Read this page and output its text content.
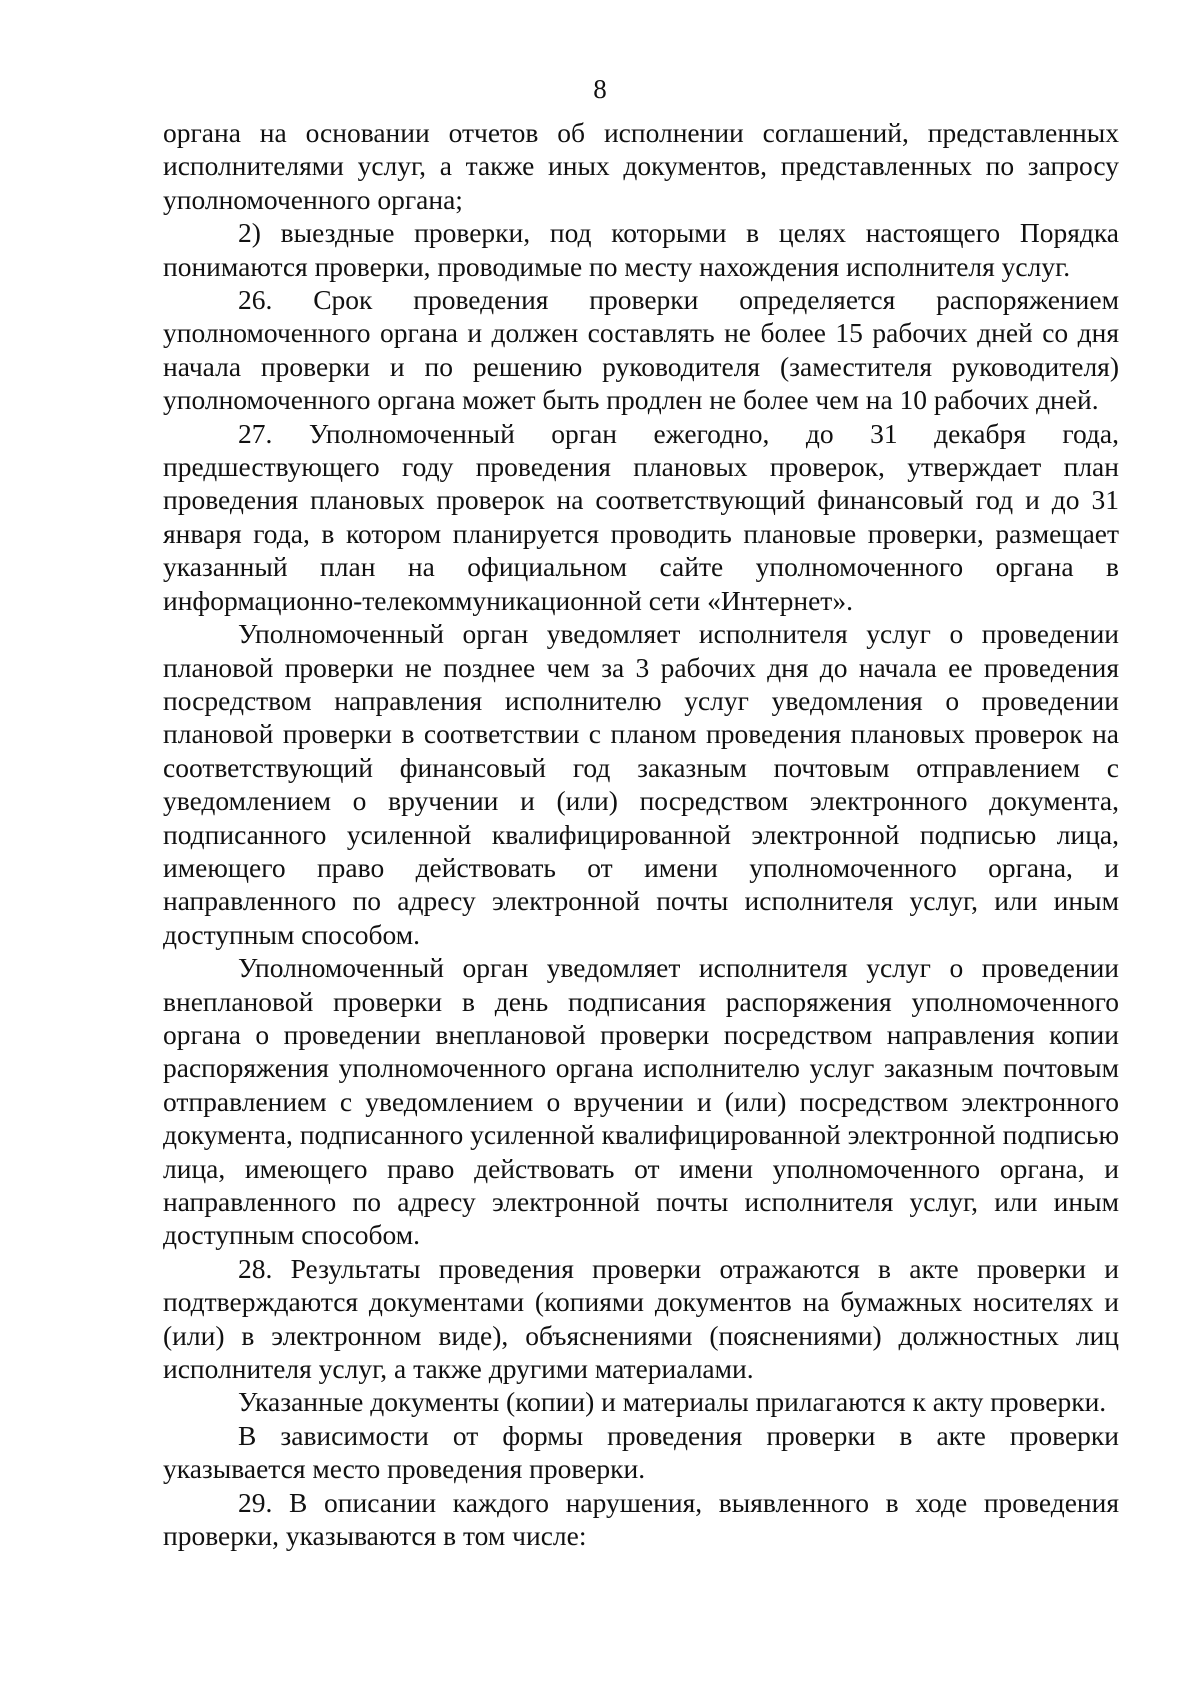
8

органа на основании отчетов об исполнении соглашений, представленных исполнителями услуг, а также иных документов, представленных по запросу уполномоченного органа;

2) выездные проверки, под которыми в целях настоящего Порядка понимаются проверки, проводимые по месту нахождения исполнителя услуг.

26. Срок проведения проверки определяется распоряжением уполномоченного органа и должен составлять не более 15 рабочих дней со дня начала проверки и по решению руководителя (заместителя руководителя) уполномоченного органа может быть продлен не более чем на 10 рабочих дней.

27. Уполномоченный орган ежегодно, до 31 декабря года, предшествующего году проведения плановых проверок, утверждает план проведения плановых проверок на соответствующий финансовый год и до 31 января года, в котором планируется проводить плановые проверки, размещает указанный план на официальном сайте уполномоченного органа в информационно-телекоммуникационной сети «Интернет».

Уполномоченный орган уведомляет исполнителя услуг о проведении плановой проверки не позднее чем за 3 рабочих дня до начала ее проведения посредством направления исполнителю услуг уведомления о проведении плановой проверки в соответствии с планом проведения плановых проверок на соответствующий финансовый год заказным почтовым отправлением с уведомлением о вручении и (или) посредством электронного документа, подписанного усиленной квалифицированной электронной подписью лица, имеющего право действовать от имени уполномоченного органа, и направленного по адресу электронной почты исполнителя услуг, или иным доступным способом.

Уполномоченный орган уведомляет исполнителя услуг о проведении внеплановой проверки в день подписания распоряжения уполномоченного органа о проведении внеплановой проверки посредством направления копии распоряжения уполномоченного органа исполнителю услуг заказным почтовым отправлением с уведомлением о вручении и (или) посредством электронного документа, подписанного усиленной квалифицированной электронной подписью лица, имеющего право действовать от имени уполномоченного органа, и направленного по адресу электронной почты исполнителя услуг, или иным доступным способом.

28. Результаты проведения проверки отражаются в акте проверки и подтверждаются документами (копиями документов на бумажных носителях и (или) в электронном виде), объяснениями (пояснениями) должностных лиц исполнителя услуг, а также другими материалами.

Указанные документы (копии) и материалы прилагаются к акту проверки.

В зависимости от формы проведения проверки в акте проверки указывается место проведения проверки.

29. В описании каждого нарушения, выявленного в ходе проведения проверки, указываются в том числе:
